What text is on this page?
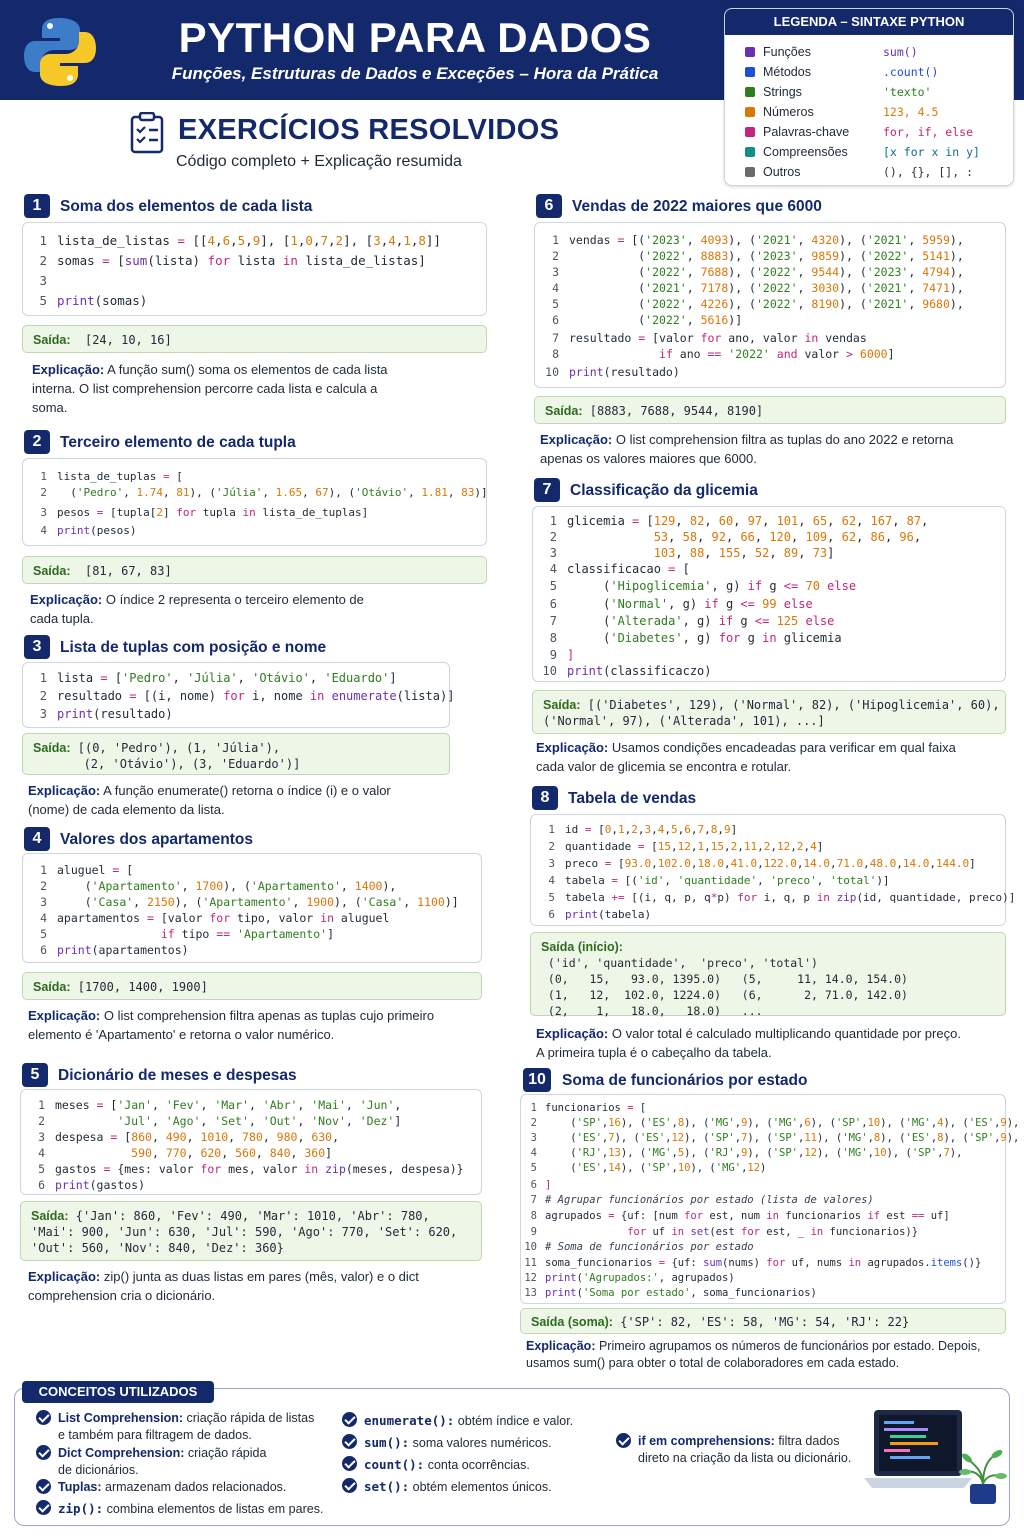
PYTHON PARA DADOS
Funções, Estruturas de Dados e Exceções – Hora da Prática
LEGENDA – SINTAXE PYTHON
Funções	sum()
Métodos	.count()
Strings	'texto'
Números	123, 4.5
Palavras-chave	for, if, else
Compreensões	[x for x in y]
Outros	(), {}, [], :
EXERCÍCIOS RESOLVIDOS
Código completo + Explicação resumida
1	Soma dos elementos de cada lista
1 lista_de_listas = [[4,6,5,9], [1,0,7,2], [3,4,1,8]]
2 somas = [sum(lista) for lista in lista_de_listas]
3
5 print(somas)
Saída: [24, 10, 16]
Explicação: A função sum() soma os elementos de cada lista interna. O list comprehension percorre cada lista e calcula a soma.
2	Terceiro elemento de cada tupla
1 lista_de_tuplas = [
2  ('Pedro', 1.74, 81), ('Júlia', 1.65, 67), ('Otávio', 1.81, 83)]
3 pesos = [tupla[2] for tupla in lista_de_tuplas]
4 print(pesos)
Saída: [81, 67, 83]
Explicação: O índice 2 representa o terceiro elemento de cada tupla.
3	Lista de tuplas com posição e nome
1 lista = ['Pedro', 'Júlia', 'Otávio', 'Eduardo']
2 resultado = [(i, nome) for i, nome in enumerate(lista)]
3 print(resultado)
Saída: [(0, 'Pedro'), (1, 'Júlia'),
(2, 'Otávio'), (3, 'Eduardo')]
Explicação: A função enumerate() retorna o índice (i) e o valor (nome) de cada elemento da lista.
4	Valores dos apartamentos
1 aluguel = [
2    ('Apartamento', 1700), ('Apartamento', 1400),
3    ('Casa', 2150), ('Apartamento', 1900), ('Casa', 1100)]
4 apartamentos = [valor for tipo, valor in aluguel
5	if tipo == 'Apartamento']
6 print(apartamentos)
Saída: [1700, 1400, 1900]
Explicação: O list comprehension filtra apenas as tuplas cujo primeiro elemento é 'Apartamento' e retorna o valor numérico.
5	Dicionário de meses e despesas
1 meses = ['Jan', 'Fev', 'Mar', 'Abr', 'Mai', 'Jun',
2	'Jul', 'Ago', 'Set', 'Out', 'Nov', 'Dez']
3 despesa = [860, 490, 1010, 780, 980, 630,
4	590, 770, 620, 560, 840, 360]
5 gastos = {mes: valor for mes, valor in zip(meses, despesa)}
6 print(gastos)
Saída: {'Jan': 860, 'Fev': 490, 'Mar': 1010, 'Abr': 780,
'Mai': 900, 'Jun': 630, 'Jul': 590, 'Ago': 770, 'Set': 620,
'Out': 560, 'Nov': 840, 'Dez': 360}
Explicação: zip() junta as duas listas em pares (mês, valor) e o dict comprehension cria o dicionário.
6	Vendas de 2022 maiores que 6000
1 vendas = [('2023', 4093), ('2021', 4320), ('2021', 5959),
2          ('2022', 8883), ('2023', 9859), ('2022', 5141),
3          ('2022', 7688), ('2022', 9544), ('2023', 4794),
4          ('2021', 7178), ('2022', 3030), ('2021', 7471),
5          ('2022', 4226), ('2022', 8190), ('2021', 9680),
6          ('2022', 5616)]
7 resultado = [valor for ano, valor in vendas
8	if ano == '2022' and valor > 6000]
10 print(resultado)
Saída: [8883, 7688, 9544, 8190]
Explicação: O list comprehension filtra as tuplas do ano 2022 e retorna apenas os valores maiores que 6000.
7	Classificação da glicemia
1 glicemia = [129, 82, 60, 97, 101, 65, 62, 167, 87,
2	53, 58, 92, 66, 120, 109, 62, 86, 96,
3	103, 88, 155, 52, 89, 73]
4 classificacao = [
5     ('Hipoglicemia', g) if g <= 70 else
6     ('Normal', g) if g <= 99 else
7     ('Alterada', g) if g <= 125 else
8     ('Diabetes', g) for g in glicemia
9 ]
10 print(classificaczo)
Saída: [('Diabetes', 129), ('Normal', 82), ('Hipoglicemia', 60),
('Normal', 97), ('Alterada', 101), ...]
Explicação: Usamos condições encadeadas para verificar em qual faixa cada valor de glicemia se encontra e rotular.
8	Tabela de vendas
1 id = [0,1,2,3,4,5,6,7,8,9]
2 quantidade = [15,12,1,15,2,11,2,12,2,4]
3 preco = [93.0,102.0,18.0,41.0,122.0,14.0,71.0,48.0,14.0,144.0]
4 tabela = [('id', 'quantidade', 'preco', 'total')]
5 tabela += [(i, q, p, q*p) for i, q, p in zip(id, quantidade, preco)]
6 print(tabela)
Saída (início):
('id', 'quantidade',  'preco', 'total')
(0,   15,   93.0, 1395.0)   (5,     11, 14.0, 154.0)
(1,   12,  102.0, 1224.0)   (6,      2, 71.0, 142.0)
(2,    1,   18.0,   18.0)   ...
Explicação: O valor total é calculado multiplicando quantidade por preço. A primeira tupla é o cabeçalho da tabela.
10	Soma de funcionários por estado
1 funcionarios = [
2    ('SP',16), ('ES',8), ('MG',9), ('MG',6), ('SP',10), ('MG',4), ('ES',9),
3    ('ES',7), ('ES',12), ('SP',7), ('SP',11), ('MG',8), ('ES',8), ('SP',9),
4    ('RJ',13), ('MG',5), ('RJ',9), ('SP',12), ('MG',10), ('SP',7),
5    ('ES',14), ('SP',10), ('MG',12)
6 ]
7 # Agrupar funcionários por estado (lista de valores)
8 agrupados = {uf: [num for est, num in funcionarios if est == uf]
9	for uf in set(est for est, _ in funcionarios)}
10 # Soma de funcionários por estado
11 soma_funcionarios = {uf: sum(nums) for uf, nums in agrupados.items()}
12 print('Agrupados:', agrupados)
13 print('Soma por estado', soma_funcionarios)
Saída (soma): {'SP': 82, 'ES': 58, 'MG': 54, 'RJ': 22}
Explicação: Primeiro agrupamos os números de funcionários por estado. Depois, usamos sum() para obter o total de colaboradores em cada estado.
CONCEITOS UTILIZADOS
List Comprehension: criação rápida de listas
e também para filtragem de dados.
Dict Comprehension: criação rápida
de dicionários.
Tuplas: armazenam dados relacionados.
zip(): combina elementos de listas em pares.
enumerate(): obtém índice e valor.
sum(): soma valores numéricos.
count(): conta ocorrências.
set(): obtém elementos únicos.
if em comprehensions: filtra dados
direto na criação da lista ou dicionário.
